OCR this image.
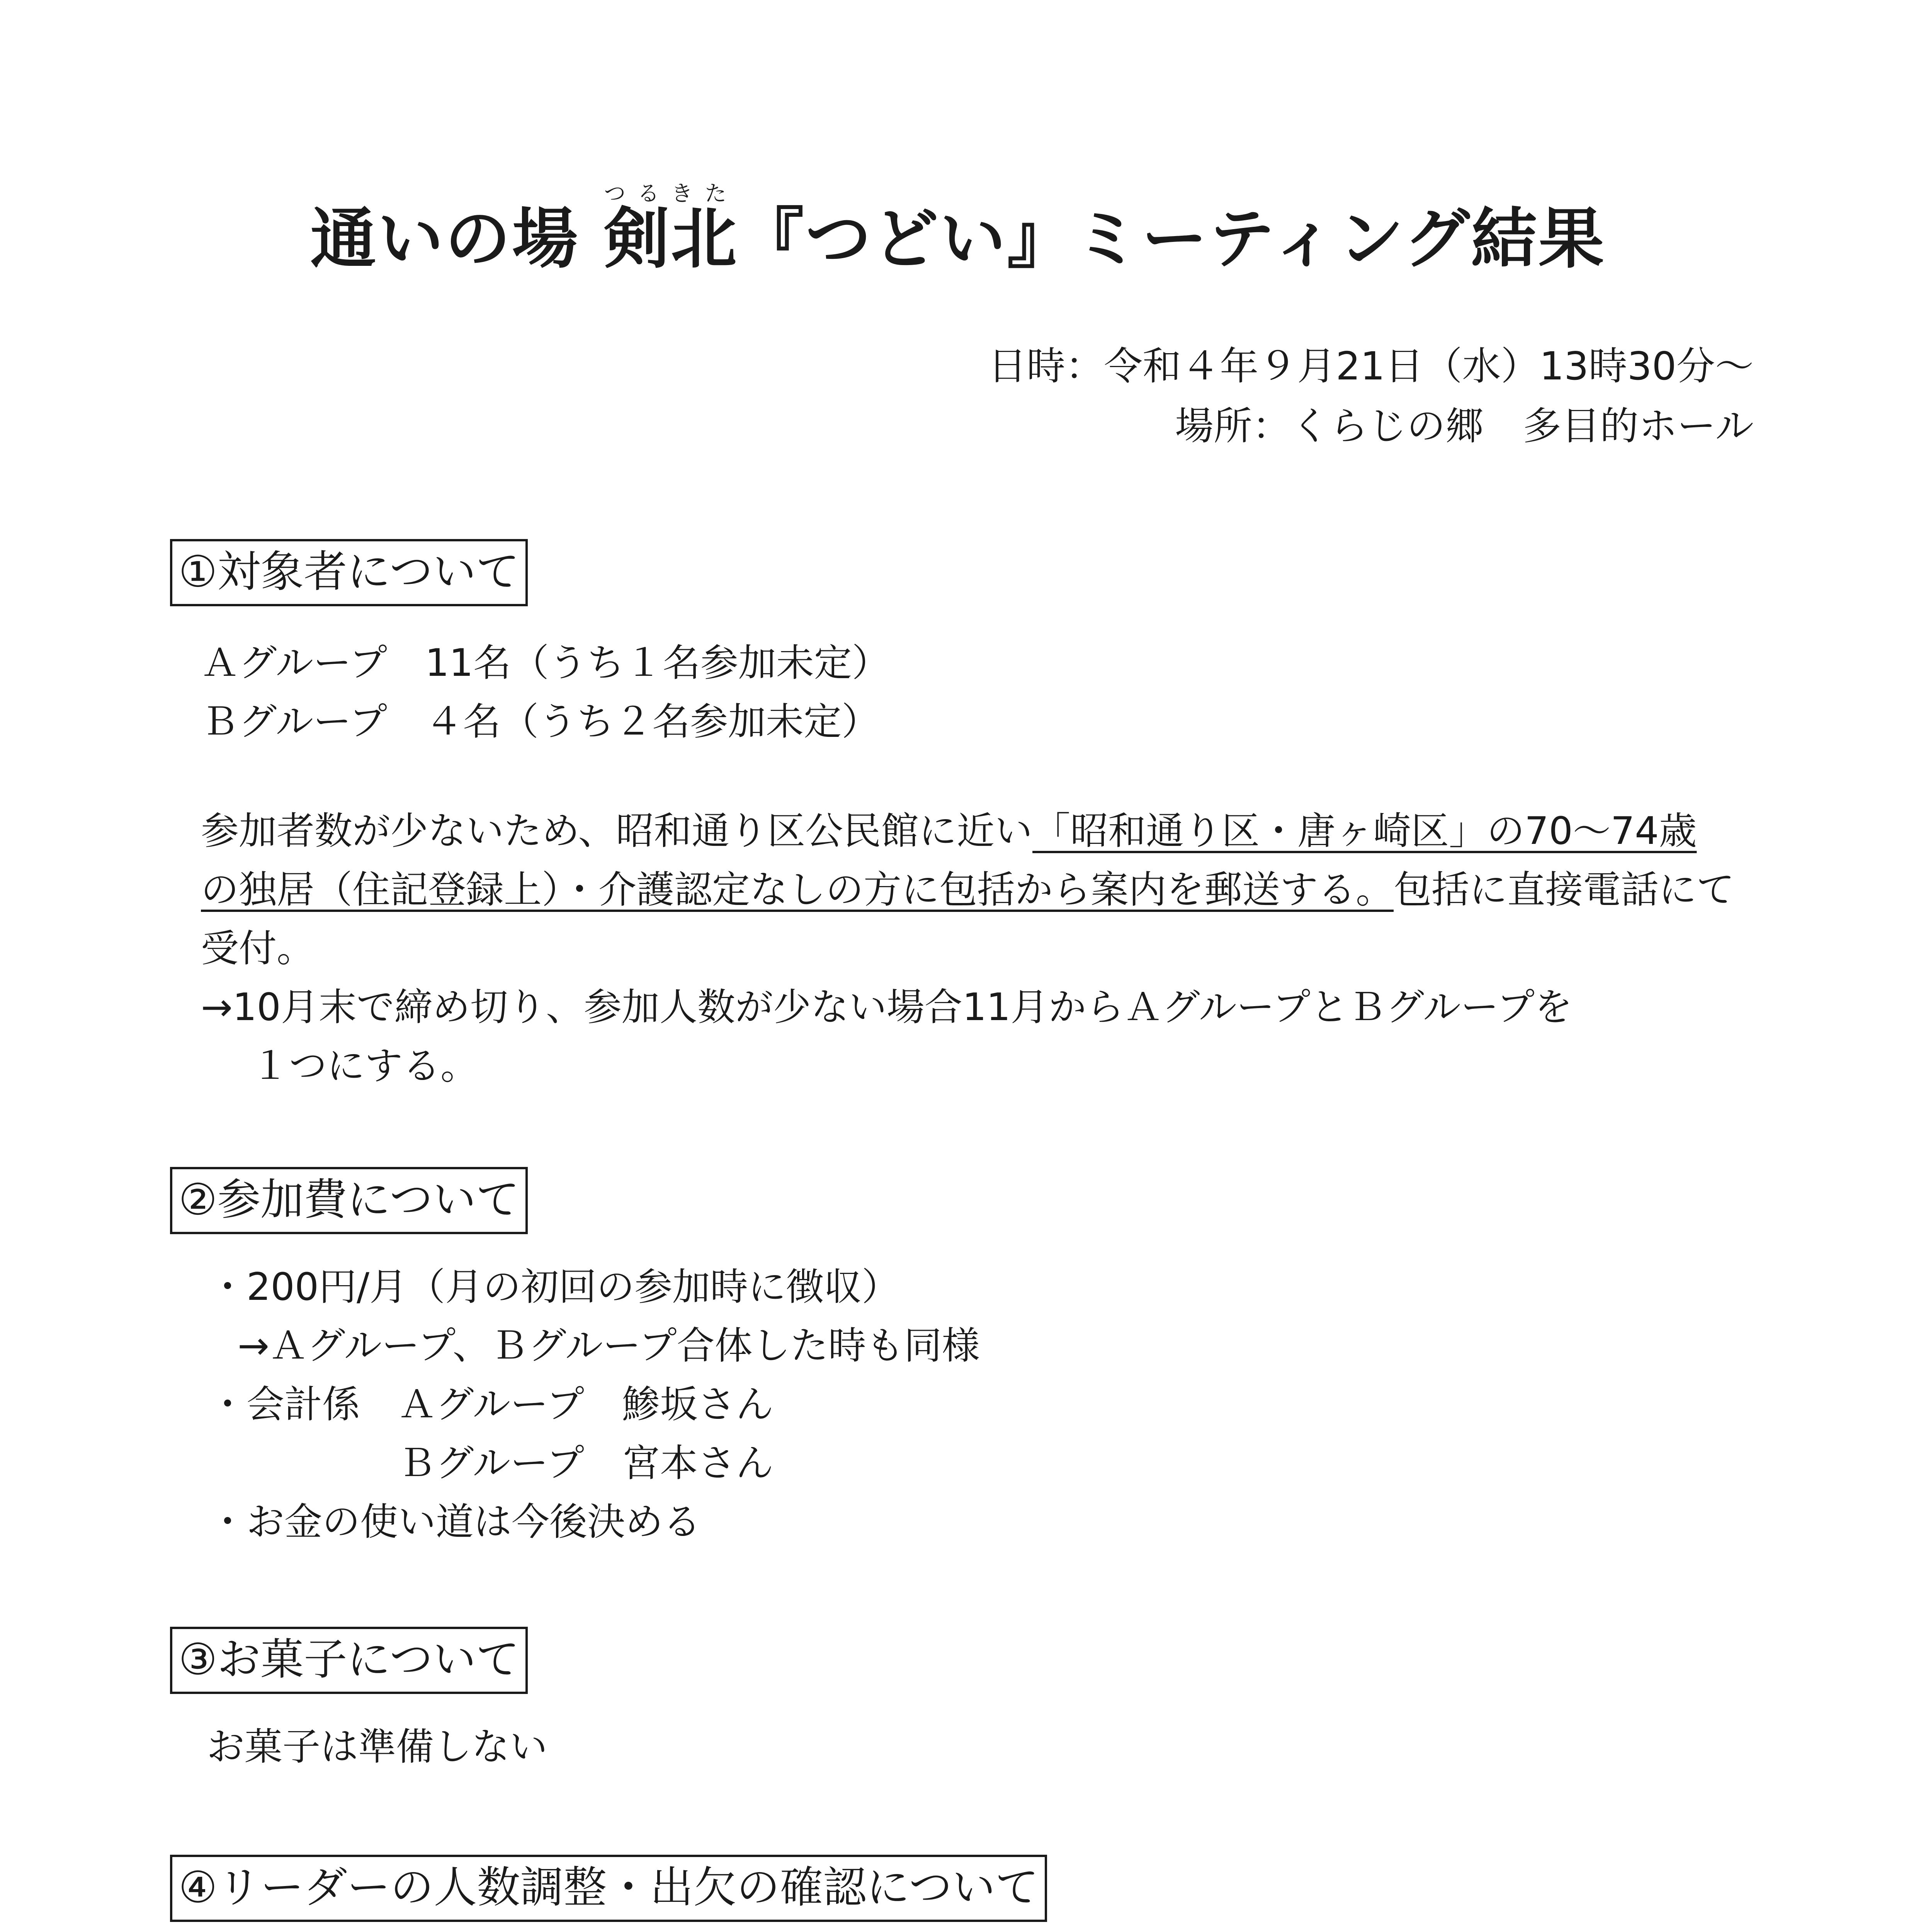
通いの場 剣北つるきた『つどい』ミーティング結果
日時：令和４年９月21日（水）13時30分～
場所：くらじの郷　多目的ホール
①対象者について

Ａグループ　11名（うち１名参加未定）

Ｂグループ　４名（うち２名参加未定）

参加者数が少ないため、昭和通り区公民館に近い「昭和通り区・唐ヶ崎区」の70～74歳

の独居（住記登録上）・介護認定なしの方に包括から案内を郵送する。包括に直接電話にて

受付。

→10月末で締め切り、参加人数が少ない場合11月からＡグループとＢグループを

１つにする。

②参加費について

・200円/月（月の初回の参加時に徴収）

→Ａグループ、Ｂグループ合体した時も同様

・会計係　Ａグループ　鯵坂さん

Ｂグループ　宮本さん

・お金の使い道は今後決める

③お菓子について

お菓子は準備しない

④リーダーの人数調整・出欠の確認について
